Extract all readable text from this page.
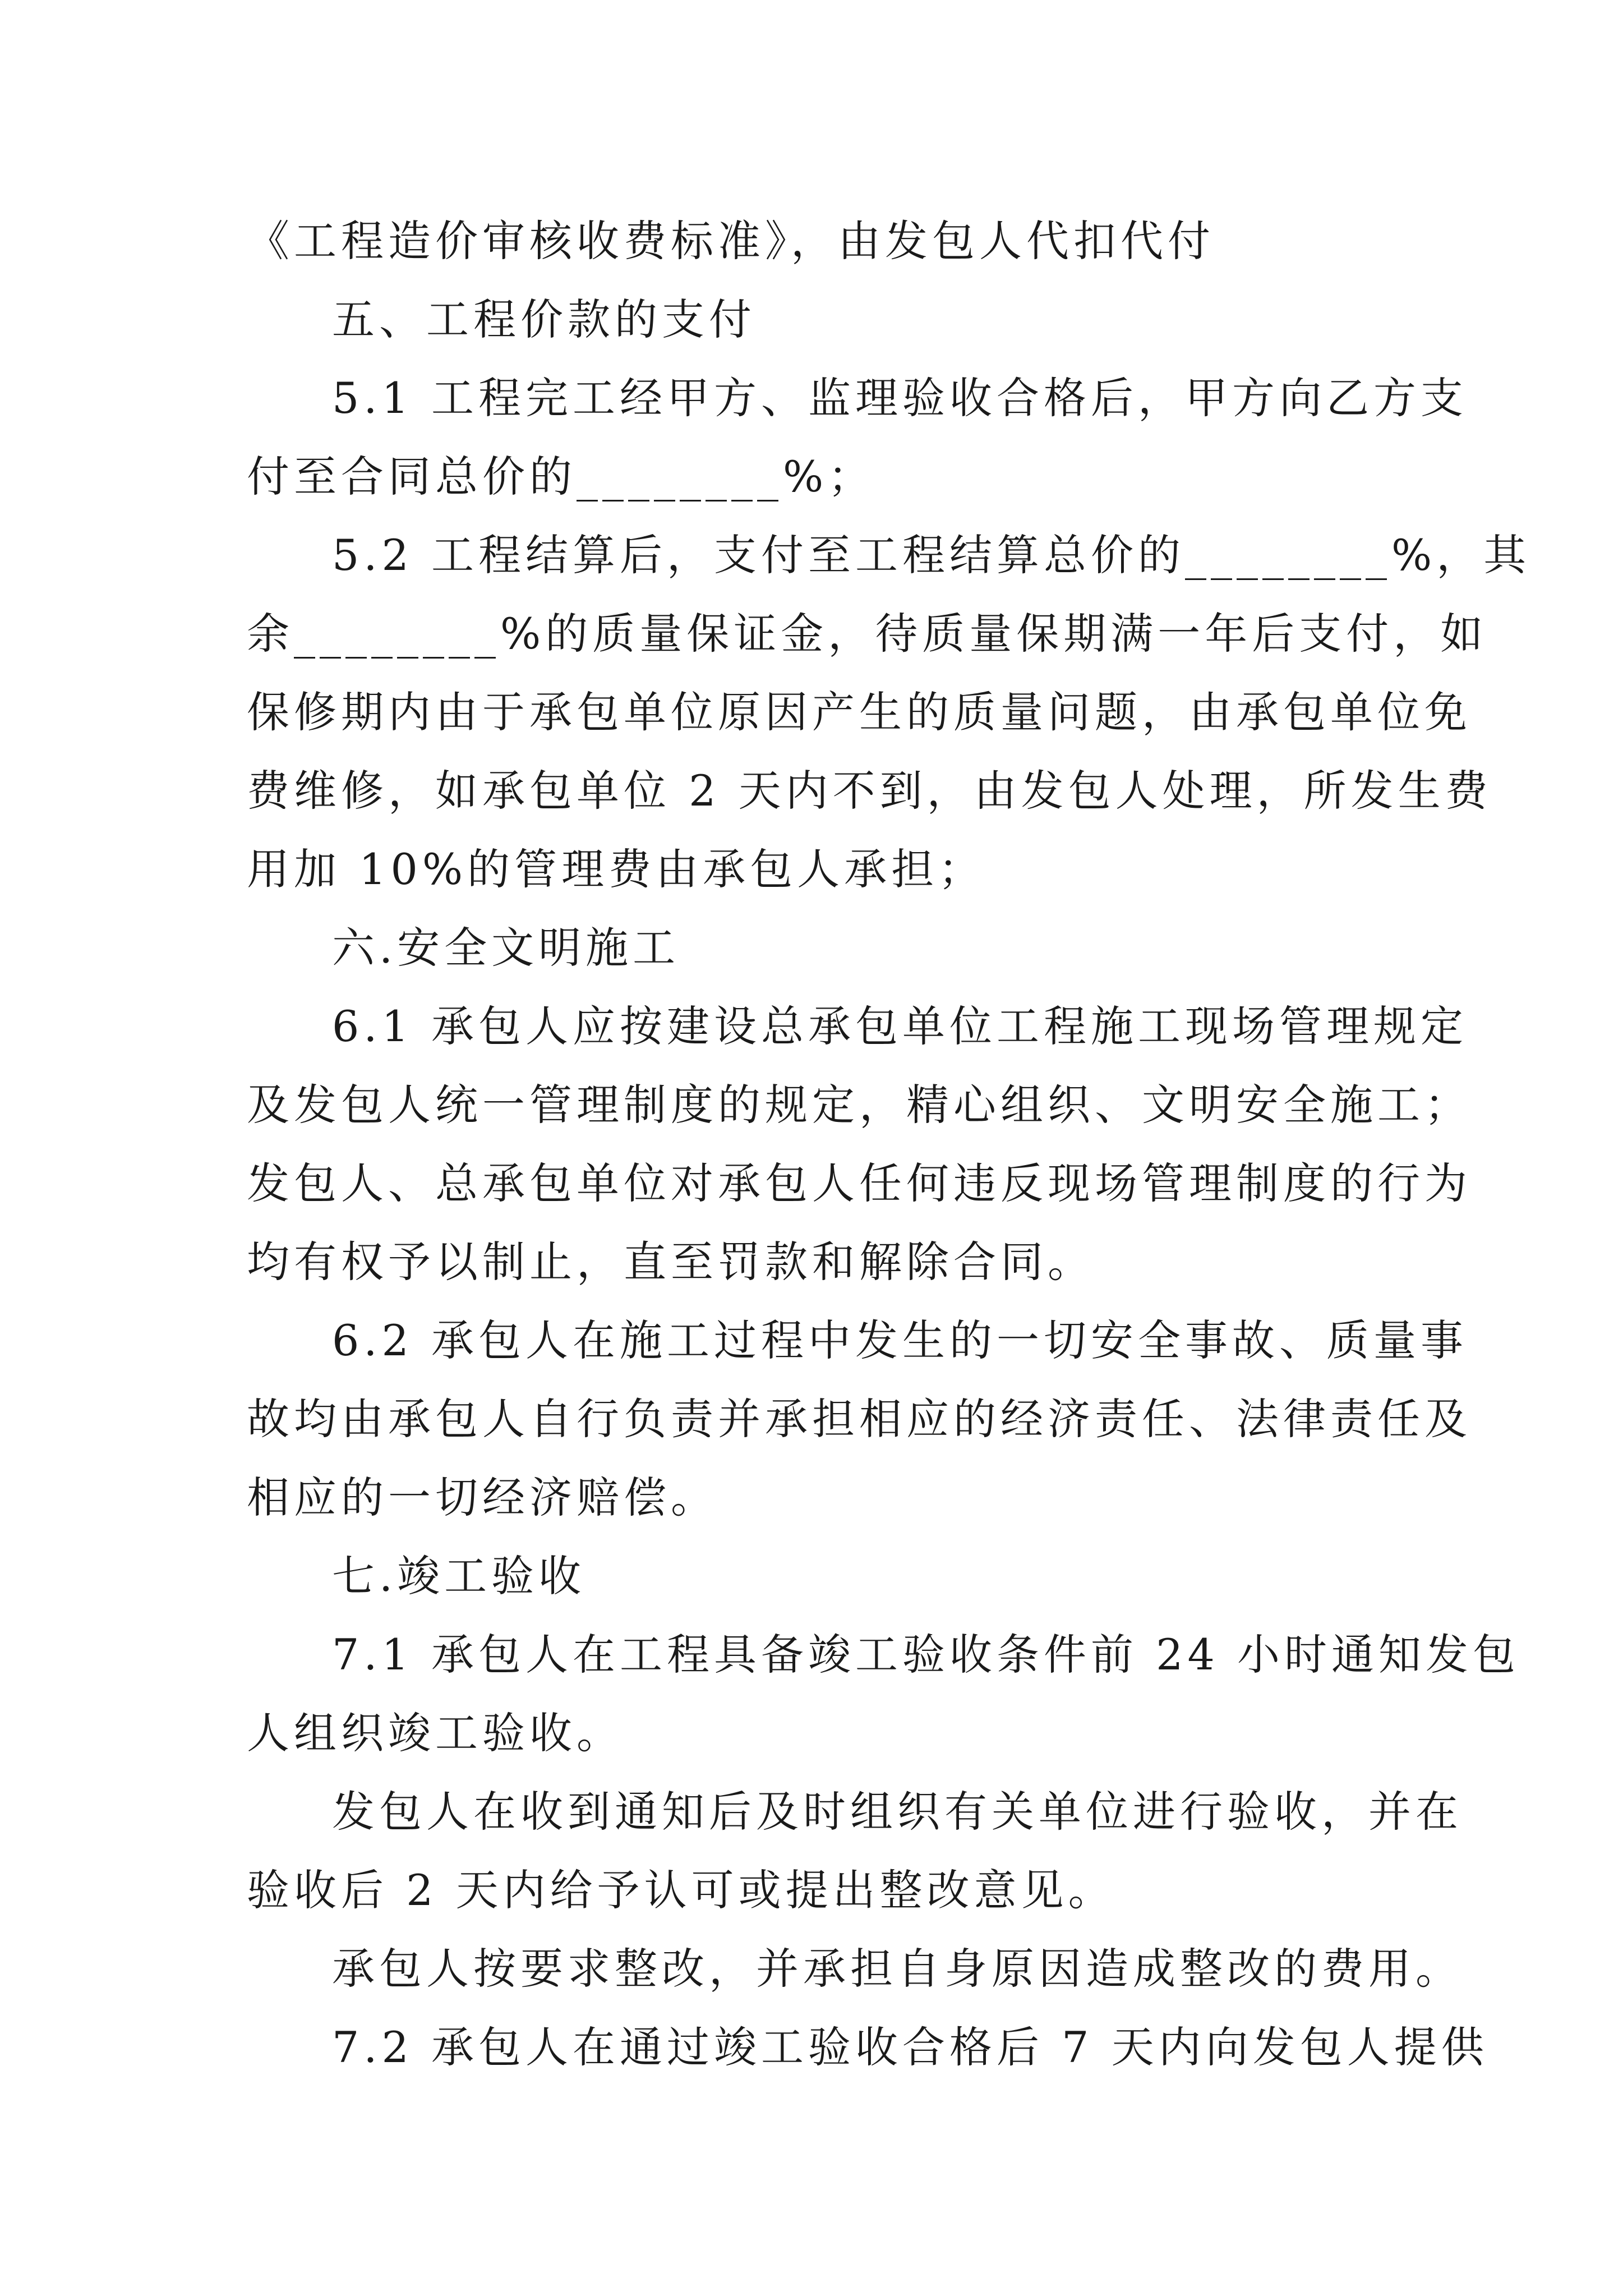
《工程造价审核收费标准》，由发包人代扣代付
五、工程价款的支付
5.1 工程完工经甲方、监理验收合格后，甲方向乙方支
付至合同总价的________%；
5.2 工程结算后，支付至工程结算总价的________%，其
余________%的质量保证金，待质量保期满一年后支付，如
保修期内由于承包单位原因产生的质量问题，由承包单位免
费维修，如承包单位 2 天内不到，由发包人处理，所发生费
用加 10%的管理费由承包人承担；
六.安全文明施工
6.1 承包人应按建设总承包单位工程施工现场管理规定
及发包人统一管理制度的规定，精心组织、文明安全施工；
发包人、总承包单位对承包人任何违反现场管理制度的行为
均有权予以制止，直至罚款和解除合同。
6.2 承包人在施工过程中发生的一切安全事故、质量事
故均由承包人自行负责并承担相应的经济责任、法律责任及
相应的一切经济赔偿。
七.竣工验收
7.1 承包人在工程具备竣工验收条件前 24 小时通知发包
人组织竣工验收。
发包人在收到通知后及时组织有关单位进行验收，并在
验收后 2 天内给予认可或提出整改意见。
承包人按要求整改，并承担自身原因造成整改的费用。
7.2 承包人在通过竣工验收合格后 7 天内向发包人提供
